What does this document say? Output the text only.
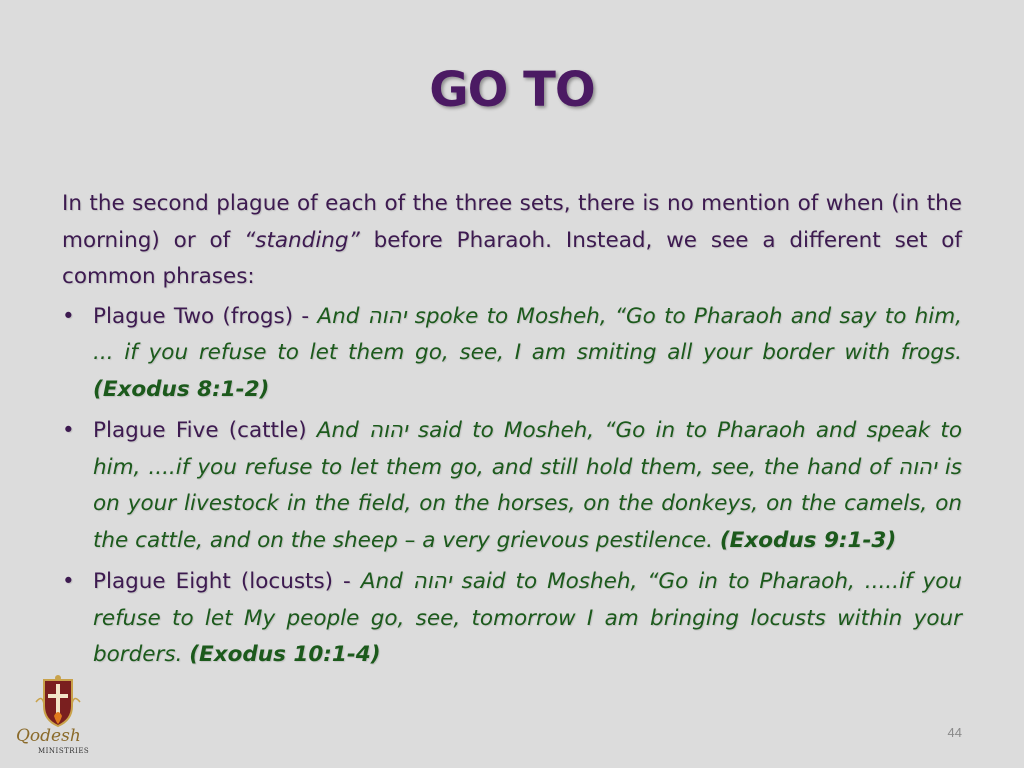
GO TO

In the second plague of each of the three sets, there is no mention of when (in the morning) or of “standing” before Pharaoh. Instead, we see a different set of common phrases:

• Plague Two (frogs) - And יהוה spoke to Mosheh, “Go to Pharaoh and say to him, ... if you refuse to let them go, see, I am smiting all your border with frogs. (Exodus 8:1-2)
• Plague Five (cattle) And יהוה said to Mosheh, “Go in to Pharaoh and speak to him, ....if you refuse to let them go, and still hold them, see, the hand of יהוה is on your livestock in the field, on the horses, on the donkeys, on the camels, on the cattle, and on the sheep – a very grievous pestilence. (Exodus 9:1-3)
• Plague Eight (locusts) - And יהוה said to Mosheh, “Go in to Pharaoh, .....if you refuse to let My people go, see, tomorrow I am bringing locusts within your borders. (Exodus 10:1-4)
Qodesh
MINISTRIES
44
